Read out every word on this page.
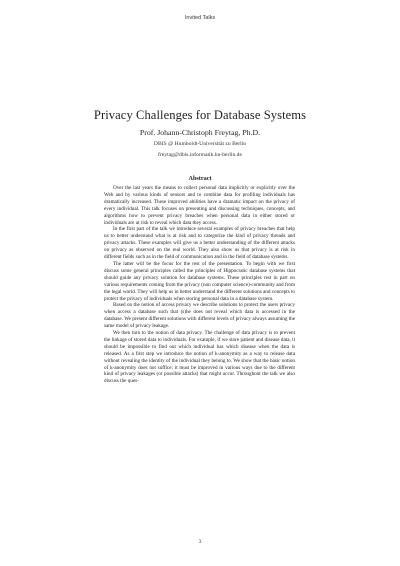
Invited Talks
Privacy Challenges for Database Systems
Prof. Johann-Christoph Freytag, Ph.D.
DBIS @ Humboldt-Universität zu Berlin
freytag@dbis.informatik.hu-berlin.de
Abstract

Over the last years the means to collect personal data implicitly or explicitly over the Web and by various kinds of sensors and to combine data for profiling individuals has dramatically increased. These improved abilities have a dramatic impact on the privacy of every individual. This talk focuses on presenting and discussing techniques, concepts, and algorithms how to prevent privacy breaches when personal data in either stored or individuals are at risk to reveal which data they access.

In the first part of the talk we introduce several examples of privacy breaches that help us to better understand what is at risk and to categorize the kind of privacy threads and privacy attacks. These examples will give us a better understanding of the different attacks on privacy as observed on the real world. They also show us that privacy is at risk in different fields such as in the field of communication and in the field of database systems.

The latter will be the focus for the rest of the presentation. To begin with we first discuss some general principles called the principles of Hippocratic database systems that should guide any privacy solution for database systems. These principles rest in part on various requirements coming from the privacy (non computer science)-community and from the legal world. They will help us in better understand the different solutions and concepts to protect the privacy of individuals when storing personal data in a database system.

Based on the notion of access privacy we describe solutions to protect the users privacy when access a database such that (s)he does not reveal which data is accessed in the database. We present different solutions with different levels of privacy always assuming the same model of privacy leakage.

We then turn to the notion of data privacy. The challenge of data privacy is to prevent the linkage of stored data to individuals. For example, if we store patient and disease data, it should be impossible to find out which individual has which disease when the data is released. As a first step we introduce the notion of k-anonymity as a way to release data without revealing the identity of the individual they belong to. We show that the basic notion of k-anonymity does not suffice; it must be improved in various ways due to the different kind of privacy leakages (or possible attacks) that might occur. Throughout the talk we also discuss the ques-

3
